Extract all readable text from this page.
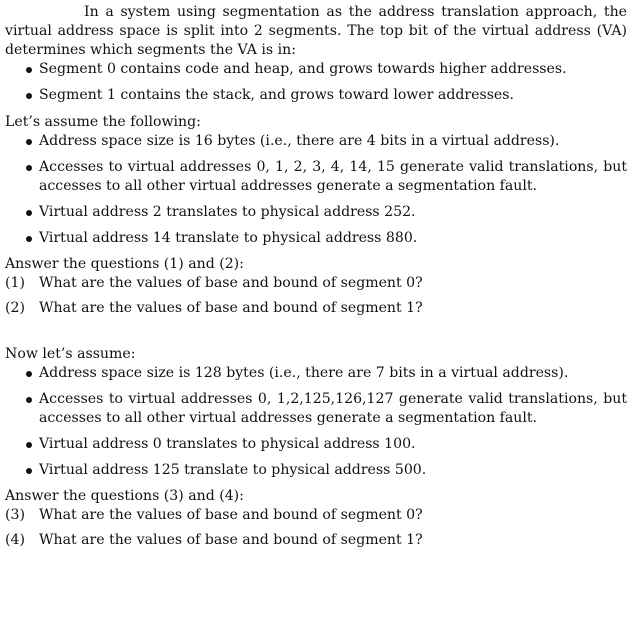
In a system using segmentation as the address translation approach, the virtual address space is split into 2 segments. The top bit of the virtual address (VA) determines which segments the VA is in:

Segment 0 contains code and heap, and grows towards higher addresses.
Segment 1 contains the stack, and grows toward lower addresses.

Let’s assume the following:

Address space size is 16 bytes (i.e., there are 4 bits in a virtual address).
Accesses to virtual addresses 0, 1, 2, 3, 4, 14, 15 generate valid translations, but accesses to all other virtual addresses generate a segmentation fault.
Virtual address 2 translates to physical address 252.
Virtual address 14 translate to physical address 880.

Answer the questions (1) and (2):

(1) What are the values of base and bound of segment 0?
(2) What are the values of base and bound of segment 1?

Now let’s assume:

Address space size is 128 bytes (i.e., there are 7 bits in a virtual address).
Accesses to virtual addresses 0, 1,2,125,126,127 generate valid translations, but accesses to all other virtual addresses generate a segmentation fault.
Virtual address 0 translates to physical address 100.
Virtual address 125 translate to physical address 500.

Answer the questions (3) and (4):

(3) What are the values of base and bound of segment 0?
(4) What are the values of base and bound of segment 1?
